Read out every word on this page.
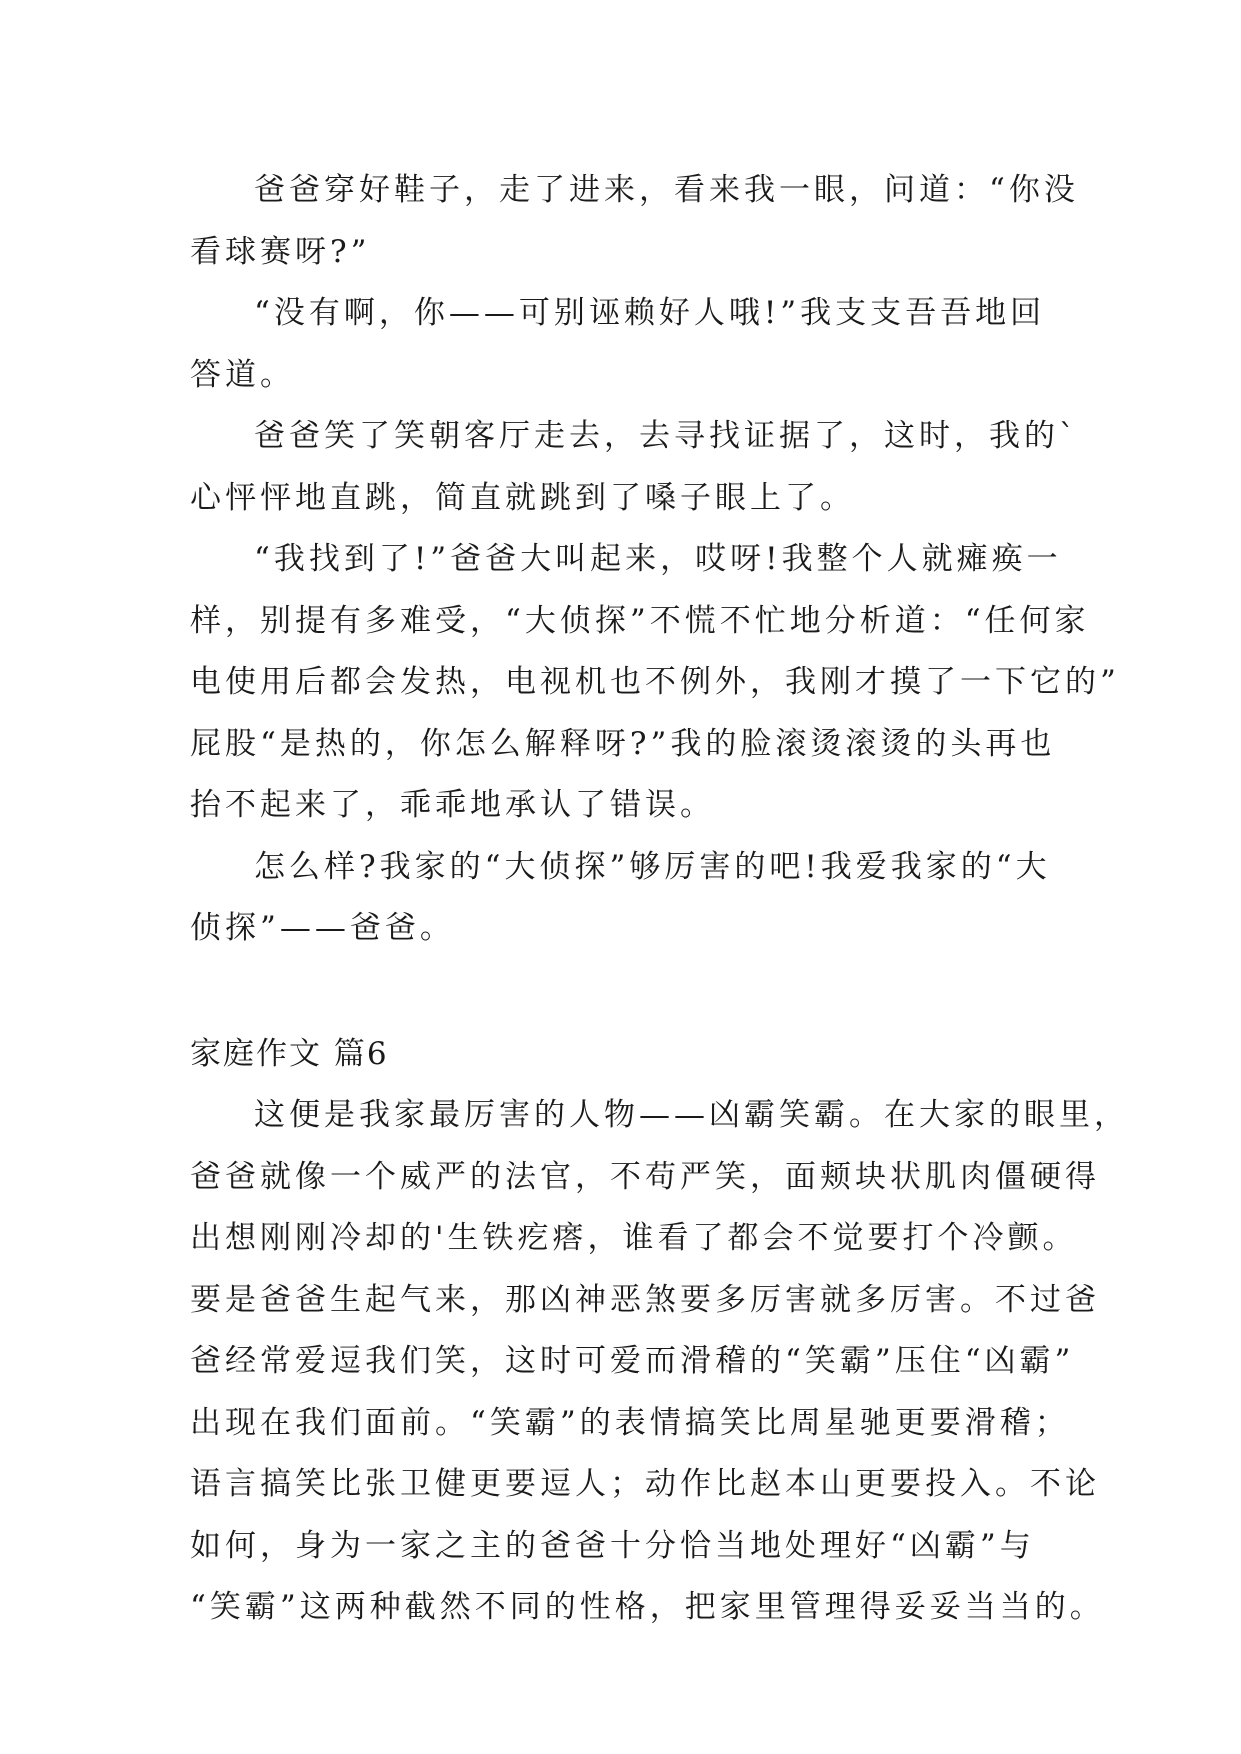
爸爸穿好鞋子，走了进来，看来我一眼，问道：“你没
看球赛呀?”
“没有啊，你——可别诬赖好人哦!”我支支吾吾地回
答道。
爸爸笑了笑朝客厅走去，去寻找证据了，这时，我的`
心怦怦地直跳，简直就跳到了嗓子眼上了。
“我找到了!”爸爸大叫起来，哎呀!我整个人就瘫痪一
样，别提有多难受，“大侦探”不慌不忙地分析道：“任何家
电使用后都会发热，电视机也不例外，我刚才摸了一下它的”
屁股“是热的，你怎么解释呀?”我的脸滚烫滚烫的头再也
抬不起来了，乖乖地承认了错误。
怎么样?我家的“大侦探”够厉害的吧!我爱我家的“大
侦探”——爸爸。
家庭作文 篇6
这便是我家最厉害的人物——凶霸笑霸。在大家的眼里，
爸爸就像一个威严的法官，不苟严笑，面颊块状肌肉僵硬得
出想刚刚冷却的'生铁疙瘩，谁看了都会不觉要打个冷颤。
要是爸爸生起气来，那凶神恶煞要多厉害就多厉害。不过爸
爸经常爱逗我们笑，这时可爱而滑稽的“笑霸”压住“凶霸”
出现在我们面前。“笑霸”的表情搞笑比周星驰更要滑稽；
语言搞笑比张卫健更要逗人；动作比赵本山更要投入。不论
如何，身为一家之主的爸爸十分恰当地处理好“凶霸”与
“笑霸”这两种截然不同的性格，把家里管理得妥妥当当的。
